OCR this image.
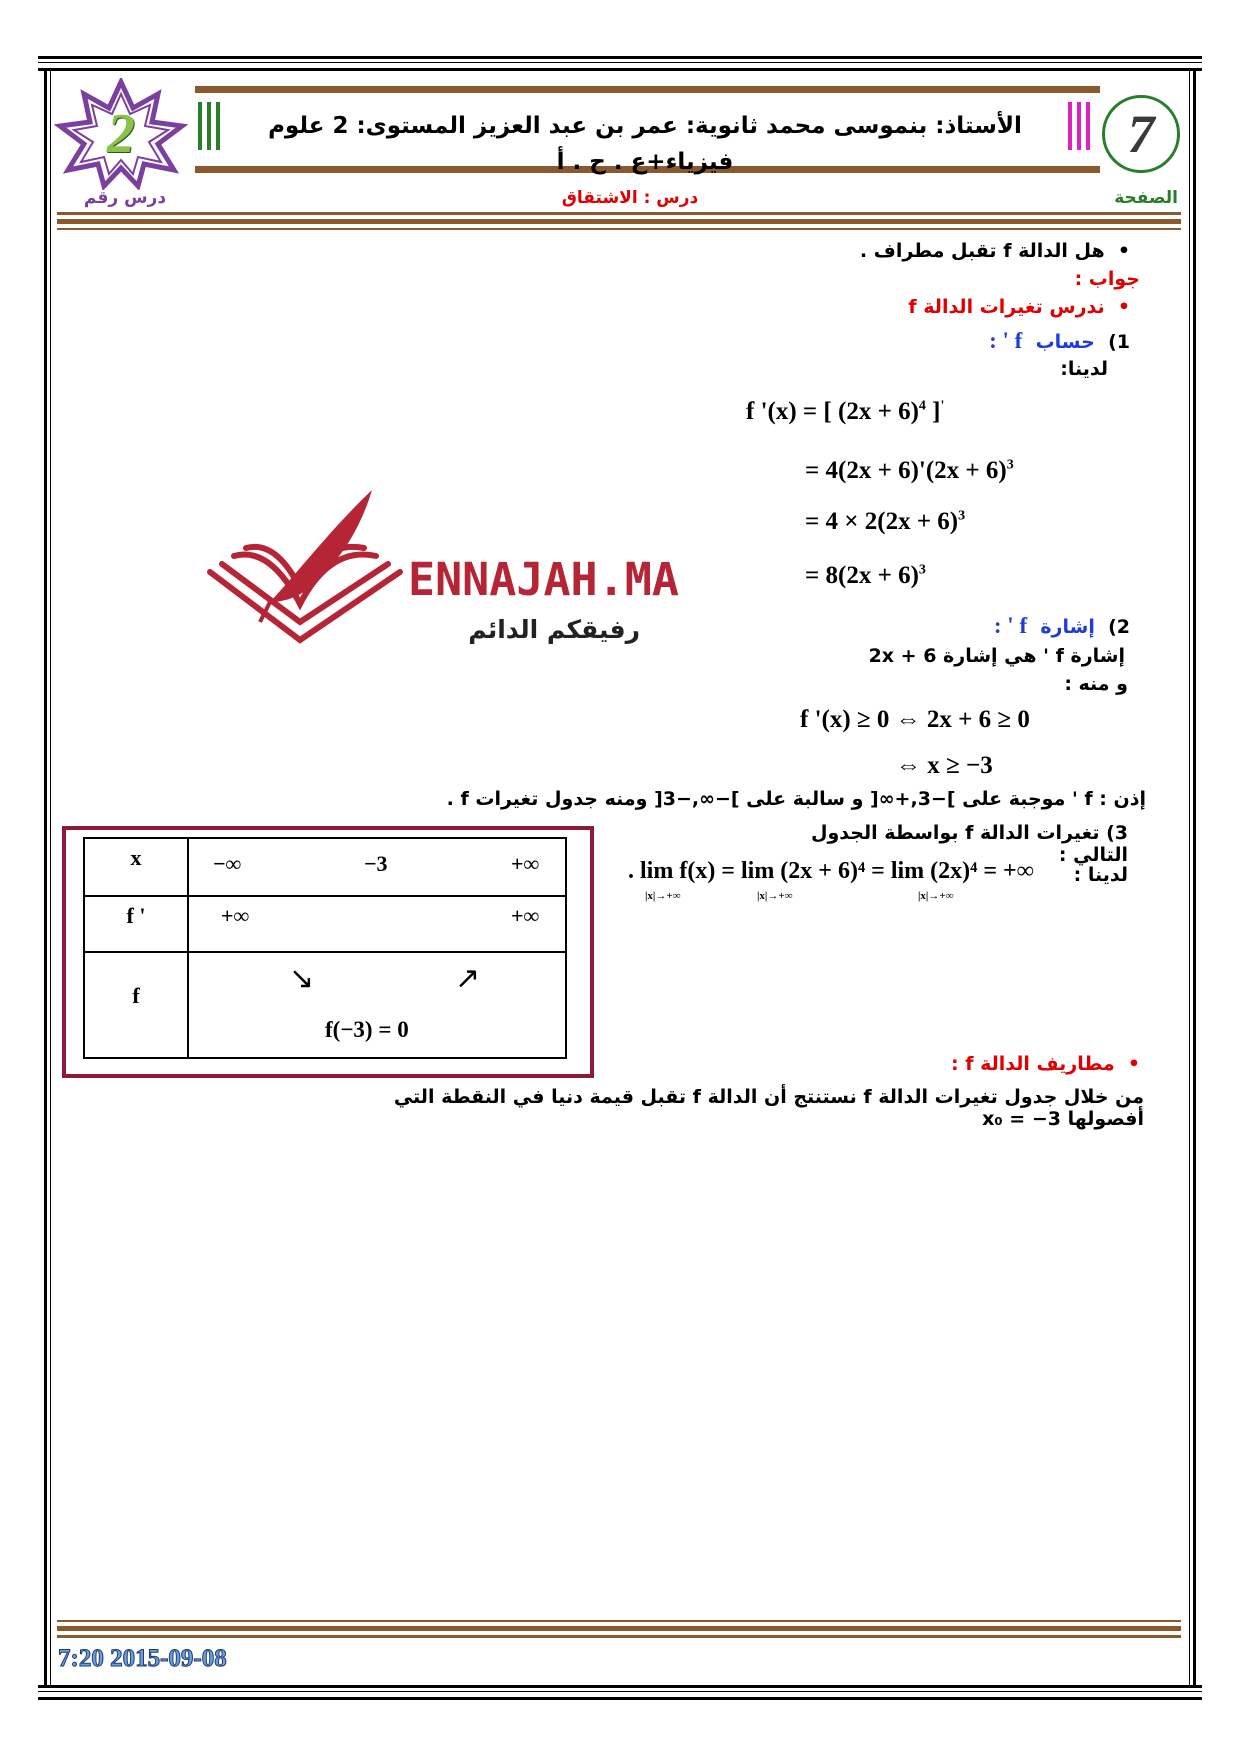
الأستاذ: بنموسى محمد ثانوية: عمر بن عبد العزيز المستوى: 2 علوم فيزياء+ع . ح . أ	7
2
الصفحة
درس : الاشتقاق
درس رقم
•  هل الدالة f تقبل مطراف .
جواب :
•  ندرس تغيرات الدالة f
1)  حساب  f ' :
لدينا:
f '(x) = [ $(2x + 6)^4$ ]'
= $4(2x + 6)'(2x + 6)^3$
= $4 \times 2(2x + 6)^3$
= $8(2x + 6)^3$
ENNAJAH.MA
رفيقكم الدائم	2)  إشارة  f ' :
إشارة f ' هي إشارة 2x + 6
و منه :
f '(x) ≥ 0 ⇔ 2x + 6 ≥ 0
⇔ x ≥ −3
إذن : f ' موجبة على ]−3,+∞[ و سالبة على ]−∞,−3[ ومنه جدول تغيرات f .
3) تغيرات الدالة f بواسطة الجدول التالي :
لدينا :
. lim f(x) = lim (2x + 6)⁴ = lim (2x)⁴ = +∞
|x|→+∞	|x|→+∞	|x|→+∞
x	−∞ −3 +∞

f '	+∞ +∞

f	↘ ↗
f(−3) = 0
•  مطاريف الدالة f :
من خلال جدول تغيرات الدالة f نستنتج أن الدالة f تقبل قيمة دنيا في النقطة التي أفصولها x₀ = −3
7:20 2015-09-08
